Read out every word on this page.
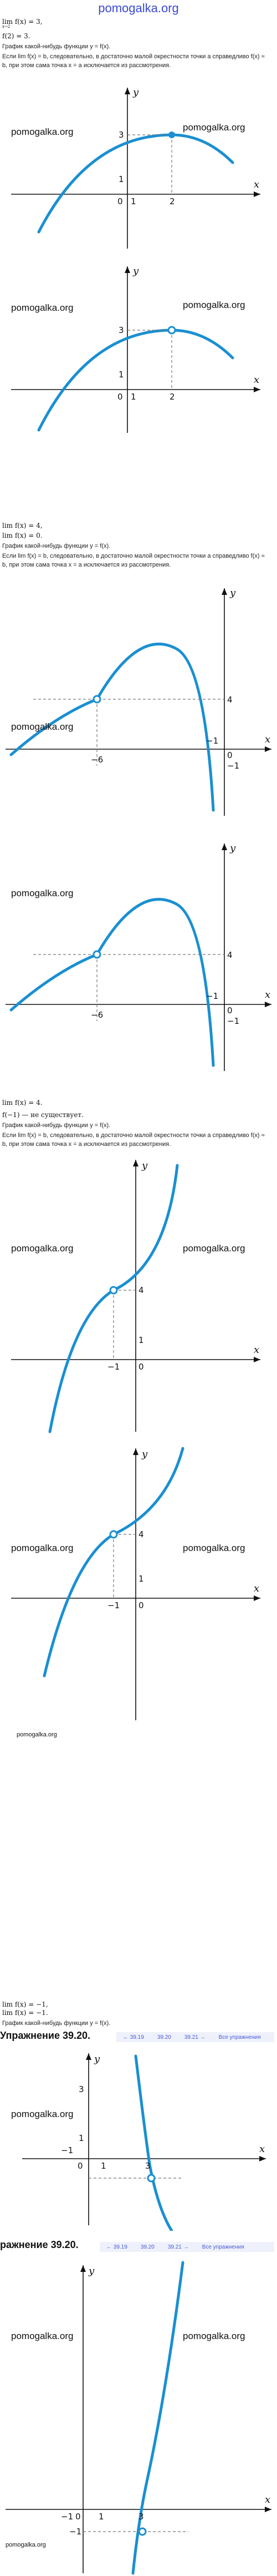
pomogalka.org
lim f(x) = 3,
x→2
f(2) = 3.
График какой-нибудь функции y = f(x).
Если lim f(x) = b, следовательно, в достаточно малой окрестности точки a справедливо f(x) ≈ b, при этом сама точка x = a исключается из рассмотрения.
y
x
0 1	2
3
1
y
x
0 1	2
3
1
lim f(x) = 4,
lim f(x) = 0.
График какой-нибудь функции y = f(x).
Если lim f(x) = b, следовательно, в достаточно малой окрестности точки a справедливо f(x) ≈ b, при этом сама точка x = a исключается из рассмотрения.
y
x
−6
−1
0
4
−1
y
x
−6
−1
0
4
−1
lim f(x) = 4.
f(−1) — не существует.
График какой-нибудь функции y = f(x).
Если lim f(x) = b, следовательно, в достаточно малой окрестности точки a справедливо f(x) ≈ b, при этом сама точка x = a исключается из рассмотрения.
y
x
−1 0
4
1
y
x
−1 0
4
1
lim f(x) = −1,
lim f(x) = −1.
График какой-нибудь функции y = f(x).
Упражнение 39.20.	← 39.19	39.20	39.21 →	Все упражнения
y
x
0
−1
1	3
3
1
ражнение 39.20.	← 39.19	39.20	39.21 →	Все упражнения
y
x
−1 0 1	3
−1
pomogalka.org	pomogalka.org
pomogalka.org	pomogalka.org
pomogalka.org
pomogalka.org
pomogalka.org	pomogalka.org
pomogalka.org	pomogalka.org
pomogalka.org
pomogalka.org	pomogalka.org
pomogalka.org
pomogalka.org
